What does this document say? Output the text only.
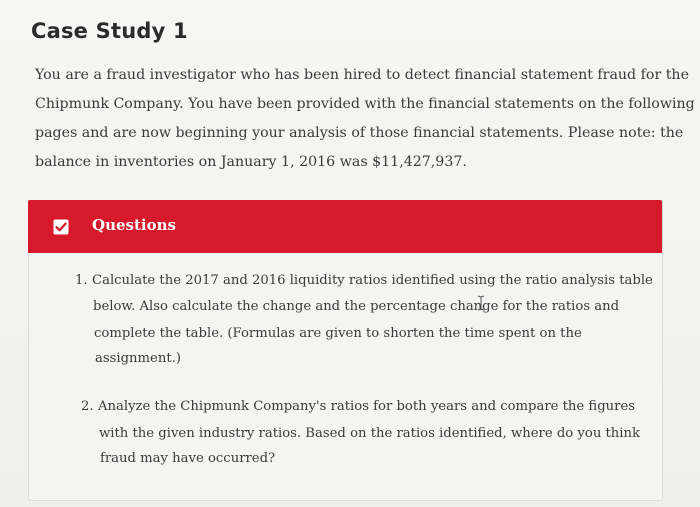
Case Study 1
You are a fraud investigator who has been hired to detect financial statement fraud for the
Chipmunk Company. You have been provided with the financial statements on the following
pages and are now beginning your analysis of those financial statements. Please note: the
balance in inventories on January 1, 2016 was $11,427,937.
Questions
1. Calculate the 2017 and 2016 liquidity ratios identified using the ratio analysis table
below. Also calculate the change and the percentage change for the ratios and
complete the table. (Formulas are given to shorten the time spent on the
assignment.)
2. Analyze the Chipmunk Company's ratios for both years and compare the figures
with the given industry ratios. Based on the ratios identified, where do you think
fraud may have occurred?
